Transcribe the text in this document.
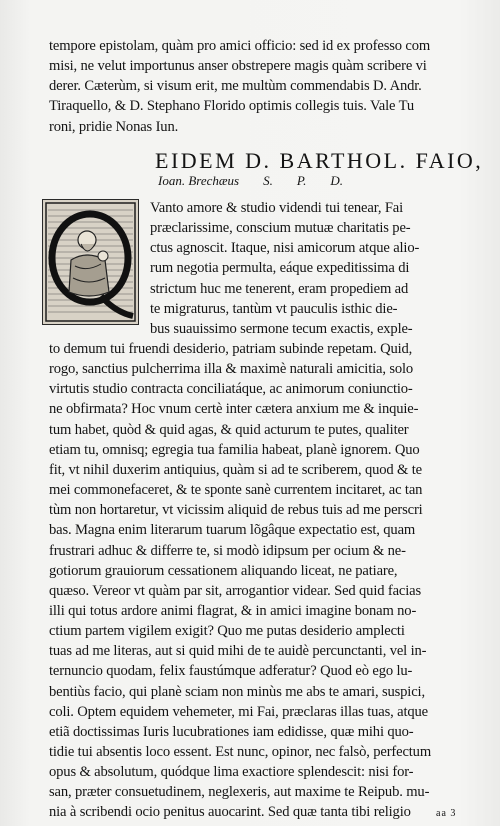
tempore epistolam, quàm pro amici officio: sed id ex professo com
misi, ne velut importunus anser obstrepere magis quàm scribere vi
derer. Cæterùm, si visum erit, me multùm commendabis D. Andr.
Tiraquello, & D. Stephano Florido optimis collegis tuis. Vale Tu
roni, pridie Nonas Iun.
EIDEM D. BARTHOL. FAIO,
Ioan. Brechæus S. P. D.
Vanto amore & studio videndi tui tenear, Fai
præclarissime, conscium mutuæ charitatis pe-
ctus agnoscit. Itaque, nisi amicorum atque alio-
rum negotia permulta, eáque expeditissima di
strictum huc me tenerent, eram propediem ad
te migraturus, tantùm vt pauculis isthic die-
bus suauissimo sermone tecum exactis, exple-
to demum tui fruendi desiderio, patriam subinde repetam. Quid,
rogo, sanctius pulcherrima illa & maximè naturali amicitia, solo
virtutis studio contracta conciliatáque, ac animorum coniunctio-
ne obfirmata? Hoc vnum certè inter cætera anxium me & inquie-
tum habet, quòd & quid agas, & quid acturum te putes, qualiter
etiam tu, omnisq; egregia tua familia habeat, planè ignorem. Quo
fit, vt nihil duxerim antiquius, quàm si ad te scriberem, quod & te
mei commonefaceret, & te sponte sanè currentem incitaret, ac tan
tùm non hortaretur, vt vicissim aliquid de rebus tuis ad me perscri
bas. Magna enim literarum tuarum lõgâque expectatio est, quam
frustrari adhuc & differre te, si modò idipsum per ocium & ne-
gotiorum grauiorum cessationem aliquando liceat, ne patiare,
quæso. Vereor vt quàm par sit, arrogantior videar. Sed quid facias
illi qui totus ardore animi flagrat, & in amici imagine bonam no-
ctium partem vigilem exigit? Quo me putas desiderio amplecti
tuas ad me literas, aut si quid mihi de te auidè percunctanti, vel in-
ternuncio quodam, felix faustúmque adferatur? Quod eò ego lu-
bentiùs facio, qui planè sciam non minùs me abs te amari, suspici,
coli. Optem equidem vehemeter, mi Fai, præclaras illas tuas, atque
etiã doctissimas Iuris lucubrationes iam edidisse, quæ mihi quo-
tidie tui absentis loco essent. Est nunc, opinor, nec falsò, perfectum
opus & absolutum, quódque lima exactiore splendescit: nisi for-
san, præter consuetudinem, neglexeris, aut maxime te Reipub. mu-
nia à scribendi ocio penitus auocarint. Sed quæ tanta tibi religio	aa 3
